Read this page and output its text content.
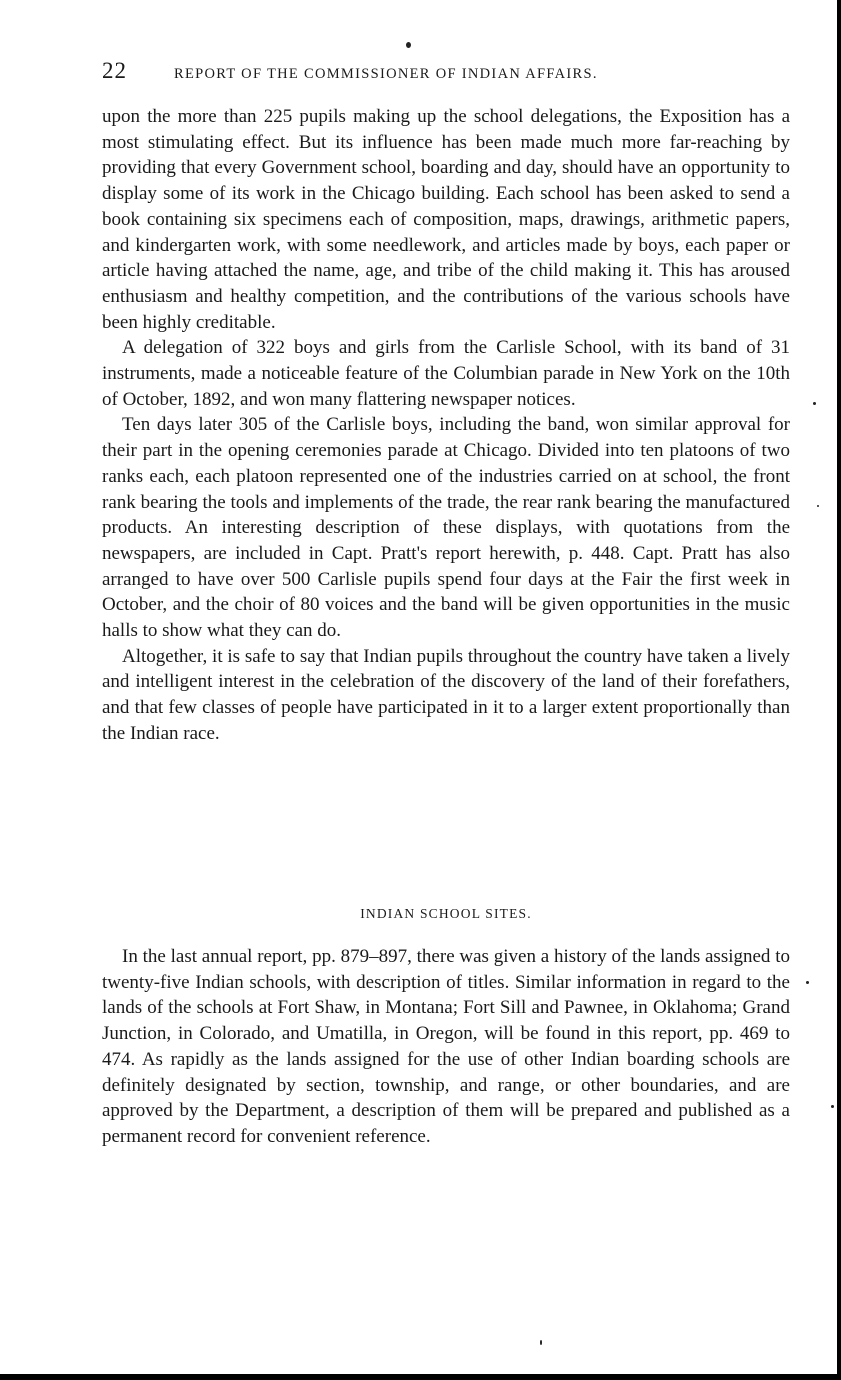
22	REPORT OF THE COMMISSIONER OF INDIAN AFFAIRS.

upon the more than 225 pupils making up the school delegations, the Exposition has a most stimulating effect. But its influence has been made much more far-reaching by providing that every Government school, boarding and day, should have an opportunity to display some of its work in the Chicago building. Each school has been asked to send a book containing six specimens each of composition, maps, drawings, arithmetic papers, and kindergarten work, with some needlework, and articles made by boys, each paper or article having attached the name, age, and tribe of the child making it. This has aroused enthusiasm and healthy competition, and the contributions of the various schools have been highly creditable.

A delegation of 322 boys and girls from the Carlisle School, with its band of 31 instruments, made a noticeable feature of the Columbian parade in New York on the 10th of October, 1892, and won many flattering newspaper notices.

Ten days later 305 of the Carlisle boys, including the band, won similar approval for their part in the opening ceremonies parade at Chicago. Divided into ten platoons of two ranks each, each platoon represented one of the industries carried on at school, the front rank bearing the tools and implements of the trade, the rear rank bearing the manufactured products. An interesting description of these displays, with quotations from the newspapers, are included in Capt. Pratt's report herewith, p. 448. Capt. Pratt has also arranged to have over 500 Carlisle pupils spend four days at the Fair the first week in October, and the choir of 80 voices and the band will be given opportunities in the music halls to show what they can do.

Altogether, it is safe to say that Indian pupils throughout the country have taken a lively and intelligent interest in the celebration of the discovery of the land of their forefathers, and that few classes of people have participated in it to a larger extent proportionally than the Indian race.

INDIAN SCHOOL SITES.

In the last annual report, pp. 879–897, there was given a history of the lands assigned to twenty-five Indian schools, with description of titles. Similar information in regard to the lands of the schools at Fort Shaw, in Montana; Fort Sill and Pawnee, in Oklahoma; Grand Junction, in Colorado, and Umatilla, in Oregon, will be found in this report, pp. 469 to 474. As rapidly as the lands assigned for the use of other Indian boarding schools are definitely designated by section, township, and range, or other boundaries, and are approved by the Department, a description of them will be prepared and published as a permanent record for convenient reference.
